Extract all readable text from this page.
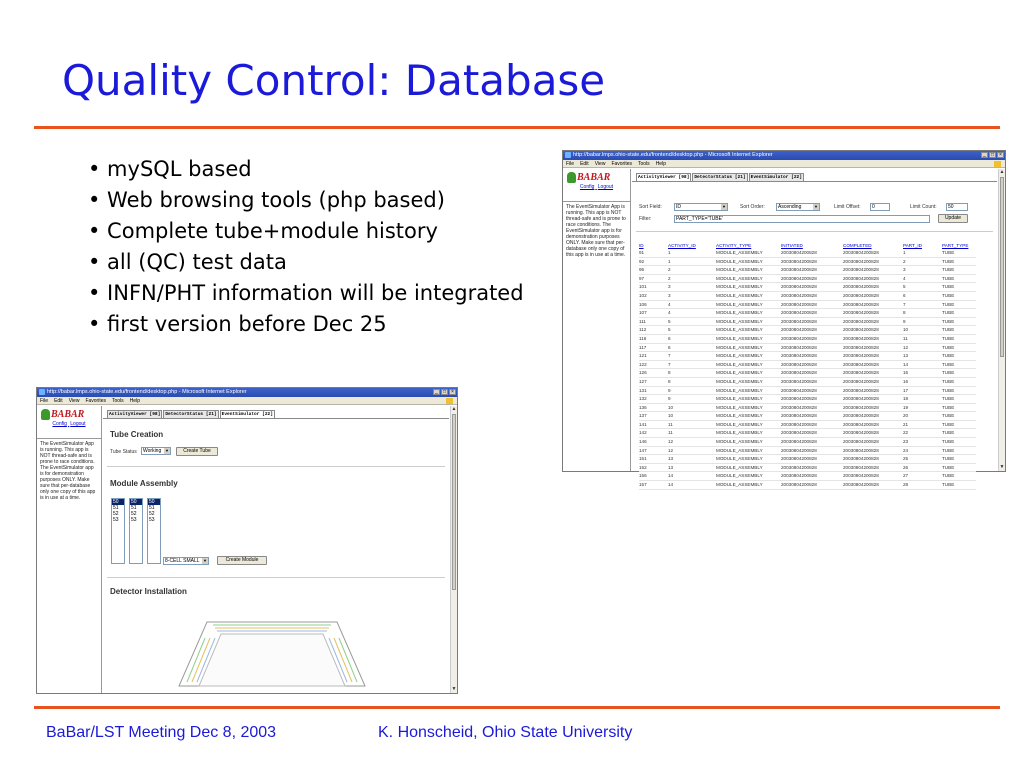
Quality Control: Database
• mySQL based
• Web browsing tools (php based)
• Complete tube+module history
• all (QC) test data
• INFN/PHT information will be integrated
• first version before Dec 25
http://babar.lmps.ohio-state.edu/frontend/desktop.php - Microsoft Internet Explorer	_	□	×
File Edit View Favorites Tools Help
BABAR
Config Logout
The EventSimulator App is running. This app is NOT thread-safe and is prone to race conditions. The EventSimulator app is for demonstration purposes ONLY. Make sure that per-database only one copy of this app is in use at a time.
ActivityViewer [98]	DetectorStatus [21]	EventSimulator [22]
Sort Field:	ID	▼	Sort Order:	Ascending	▼	Limit Offset:	0	Limit Count:	50
Filter:	PART_TYPE='TUBE'	Update
ID	ACTIVITY_ID	ACTIVITY_TYPE	INITIATED	COMPLETED	PART_ID	PART_TYPE
91	1	MODULE_ASSEMBLY	20030804200828	20030804200828	1	TUBE
92	1	MODULE_ASSEMBLY	20030804200828	20030804200828	2	TUBE
95	2	MODULE_ASSEMBLY	20030804200828	20030804200828	3	TUBE
97	2	MODULE_ASSEMBLY	20030804200828	20030804200828	4	TUBE
101	3	MODULE_ASSEMBLY	20030804200828	20030804200828	5	TUBE
102	3	MODULE_ASSEMBLY	20030804200828	20030804200828	6	TUBE
106	4	MODULE_ASSEMBLY	20030804200828	20030804200828	7	TUBE
107	4	MODULE_ASSEMBLY	20030804200828	20030804200828	8	TUBE
111	5	MODULE_ASSEMBLY	20030804200828	20030804200828	9	TUBE
112	5	MODULE_ASSEMBLY	20030804200828	20030804200828	10	TUBE
116	6	MODULE_ASSEMBLY	20030804200828	20030804200828	11	TUBE
117	6	MODULE_ASSEMBLY	20030804200828	20030804200828	12	TUBE
121	7	MODULE_ASSEMBLY	20030804200828	20030804200828	13	TUBE
122	7	MODULE_ASSEMBLY	20030804200828	20030804200828	14	TUBE
126	8	MODULE_ASSEMBLY	20030804200828	20030804200828	15	TUBE
127	8	MODULE_ASSEMBLY	20030804200828	20030804200828	16	TUBE
131	9	MODULE_ASSEMBLY	20030804200828	20030804200828	17	TUBE
132	9	MODULE_ASSEMBLY	20030804200828	20030804200828	18	TUBE
136	10	MODULE_ASSEMBLY	20030804200828	20030804200828	19	TUBE
137	10	MODULE_ASSEMBLY	20030804200828	20030804200828	20	TUBE
141	11	MODULE_ASSEMBLY	20030804200828	20030804200828	21	TUBE
142	11	MODULE_ASSEMBLY	20030804200828	20030804200828	22	TUBE
146	12	MODULE_ASSEMBLY	20030804200828	20030804200828	23	TUBE
147	12	MODULE_ASSEMBLY	20030804200828	20030804200828	24	TUBE
151	13	MODULE_ASSEMBLY	20030804200828	20030804200828	25	TUBE
152	13	MODULE_ASSEMBLY	20030804200828	20030804200828	26	TUBE
156	14	MODULE_ASSEMBLY	20030804200828	20030804200828	27	TUBE
157	14	MODULE_ASSEMBLY	20030804200828	20030804200828	28	TUBE
▲
▼
http://babar.lmps.ohio-state.edu/frontend/desktop.php - Microsoft Internet Explorer	_	□	×
File Edit View Favorites Tools Help
BABAR
Config Logout
The EventSimulator App is running. This app is NOT thread-safe and is prone to race conditions. The EventSimulator app is for demonstration purposes ONLY. Make sure that per-database only one copy of this app is in use at a time.
ActivityViewer [98]	DetectorStatus [21]	EventSimulator [22]
Tube Creation
Tube Status	Working ▼	Create Tube
Module Assembly
50
51
52
53
50
51
52
53
50
51
52
53
8-CELL SMALL ▼	Create Module
Detector Installation
▲
▼
BaBar/LST Meeting Dec 8, 2003	K. Honscheid, Ohio State University
